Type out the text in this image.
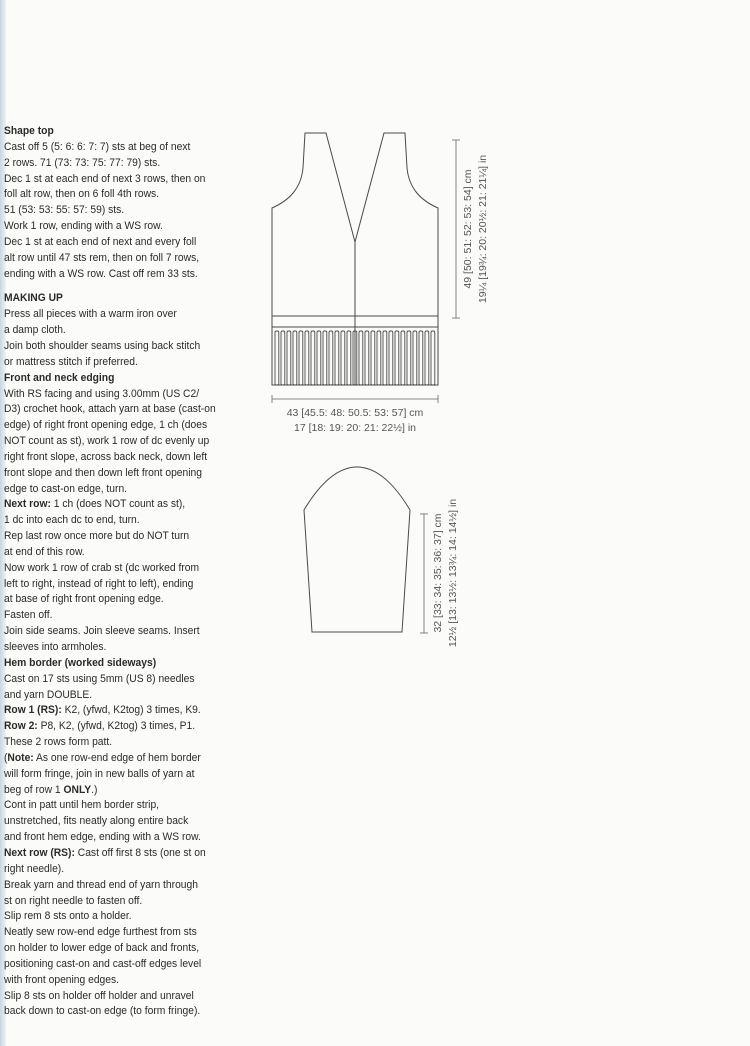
Shape top
Cast off 5 (5: 6: 6: 7: 7) sts at beg of next
2 rows. 71 (73: 73: 75: 77: 79) sts.
Dec 1 st at each end of next 3 rows, then on
foll alt row, then on 6 foll 4th rows.
51 (53: 53: 55: 57: 59) sts.
Work 1 row, ending with a WS row.
Dec 1 st at each end of next and every foll
alt row until 47 sts rem, then on foll 7 rows,
ending with a WS row. Cast off rem 33 sts.
MAKING UP
Press all pieces with a warm iron over
a damp cloth.
Join both shoulder seams using back stitch
or mattress stitch if preferred.
Front and neck edging
With RS facing and using 3.00mm (US C2/
D3) crochet hook, attach yarn at base (cast-on
edge) of right front opening edge, 1 ch (does
NOT count as st), work 1 row of dc evenly up
right front slope, across back neck, down left
front slope and then down left front opening
edge to cast-on edge, turn.
Next row: 1 ch (does NOT count as st),
1 dc into each dc to end, turn.
Rep last row once more but do NOT turn
at end of this row.
Now work 1 row of crab st (dc worked from
left to right, instead of right to left), ending
at base of right front opening edge.
Fasten off.
Join side seams. Join sleeve seams. Insert
sleeves into armholes.
Hem border (worked sideways)
Cast on 17 sts using 5mm (US 8) needles
and yarn DOUBLE.
Row 1 (RS): K2, (yfwd, K2tog) 3 times, K9.
Row 2: P8, K2, (yfwd, K2tog) 3 times, P1.
These 2 rows form patt.
(Note: As one row-end edge of hem border
will form fringe, join in new balls of yarn at
beg of row 1 ONLY.)
Cont in patt until hem border strip,
unstretched, fits neatly along entire back
and front hem edge, ending with a WS row.
Next row (RS): Cast off first 8 sts (one st on
right needle).
Break yarn and thread end of yarn through
st on right needle to fasten off.
Slip rem 8 sts onto a holder.
Neatly sew row-end edge furthest from sts
on holder to lower edge of back and fronts,
positioning cast-on and cast-off edges level
with front opening edges.
Slip 8 sts on holder off holder and unravel
back down to cast-on edge (to form fringe).
49 [50: 51: 52: 53: 54] cm 19¼ [19¾: 20: 20½: 21: 21¼] in
43 [45.5: 48: 50.5: 53: 57] cm
17 [18: 19: 20: 21: 22½] in
32 [33: 34: 35: 36: 37] cm 12½ [13: 13½: 13¾: 14: 14½] in
